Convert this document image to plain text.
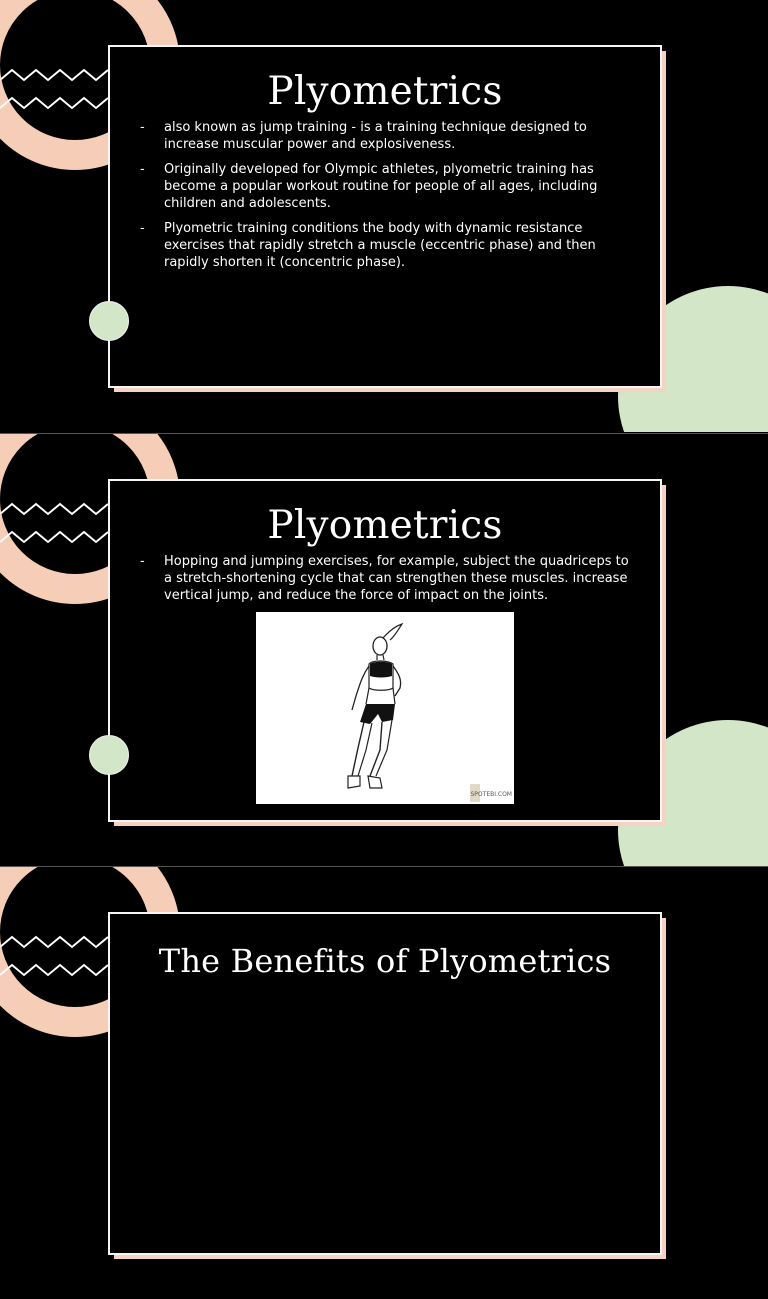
Plyometrics
- also known as jump training - is a training technique designed to increase muscular power and explosiveness.
- Originally developed for Olympic athletes, plyometric training has become a popular workout routine for people of all ages, including children and adolescents.
- Plyometric training conditions the body with dynamic resistance exercises that rapidly stretch a muscle (eccentric phase) and then rapidly shorten it (concentric phase).
Plyometrics
- Hopping and jumping exercises, for example, subject the quadriceps to a stretch-shortening cycle that can strengthen these muscles. increase vertical jump, and reduce the force of impact on the joints.
SPOTEBI.COM
The Benefits of Plyometrics
